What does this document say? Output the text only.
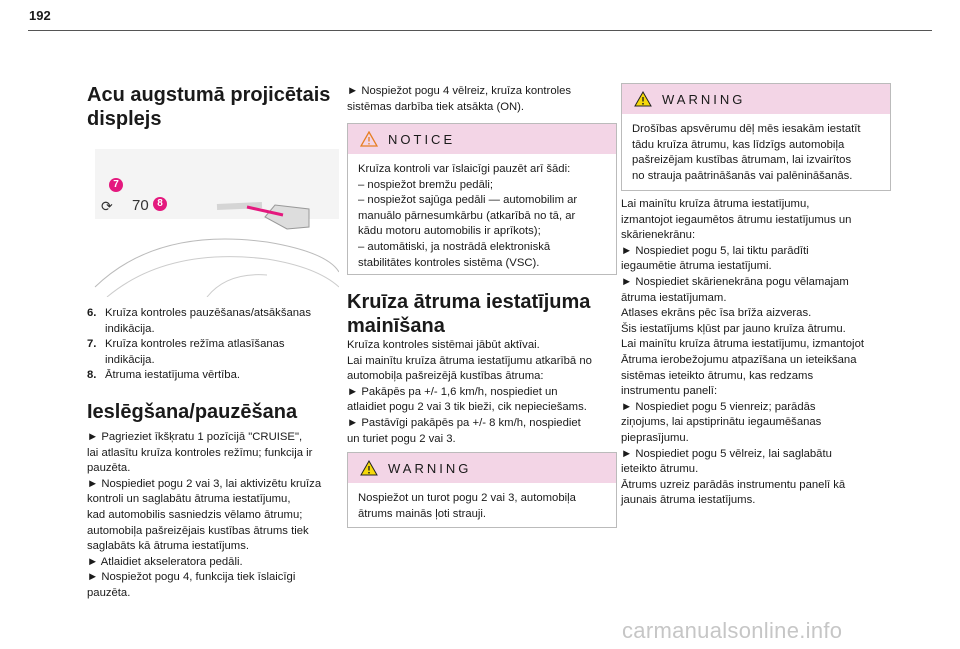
192
Acu augstumā projicētais
displejs
⟳ 70
7
8
6. Kruīza kontroles pauzēšanas/atsākšanas
indikācija.
7. Kruīza kontroles režīma atlasīšanas
indikācija.
8. Ātruma iestatījuma vērtība.
Ieslēgšana/pauzēšana

► Pagrieziet īkšķratu 1 pozīcijā "CRUISE",

lai atlasītu kruīza kontroles režīmu; funkcija ir

pauzēta.

► Nospiediet pogu 2 vai 3, lai aktivizētu kruīza

kontroli un saglabātu ātruma iestatījumu,

kad automobilis sasniedzis vēlamo ātrumu;

automobiļa pašreizējais kustības ātrums tiek

saglabāts kā ātruma iestatījums.

► Atlaidiet akseleratora pedāli.

► Nospiežot pogu 4, funkcija tiek īslaicīgi

pauzēta.

► Nospiežot pogu 4 vēlreiz, kruīza kontroles

sistēmas darbība tiek atsākta (ON).

NOTICE

Kruīza kontroli var īslaicīgi pauzēt arī šādi:

– nospiežot bremžu pedāli;

– nospiežot sajūga pedāli — automobilim ar

manuālo pārnesumkārbu (atkarībā no tā, ar

kādu motoru automobilis ir aprīkots);

– automātiski, ja nostrādā elektroniskā

stabilitātes kontroles sistēma (VSC).

Kruīza ātruma iestatījuma
mainīšana

Kruīza kontroles sistēmai jābūt aktīvai.

Lai mainītu kruīza ātruma iestatījumu atkarībā no

automobiļa pašreizējā kustības ātruma:

► Pakāpēs pa +/- 1,6 km/h, nospiediet un

atlaidiet pogu 2 vai 3 tik bieži, cik nepieciešams.

► Pastāvīgi pakāpēs pa +/- 8 km/h, nospiediet

un turiet pogu 2 vai 3.

WARNING

Nospiežot un turot pogu 2 vai 3, automobiļa

ātrums mainās ļoti strauji.

WARNING

Drošības apsvērumu dēļ mēs iesakām iestatīt

tādu kruīza ātrumu, kas līdzīgs automobiļa

pašreizējam kustības ātrumam, lai izvairītos

no strauja paātrināšanās vai palēnināšanās.

Lai mainītu kruīza ātruma iestatījumu,

izmantojot iegaumētos ātrumu iestatījumus un

skārienekrānu:

► Nospiediet pogu 5, lai tiktu parādīti

iegaumētie ātruma iestatījumi.

► Nospiediet skārienekrāna pogu vēlamajam

ātruma iestatījumam.

Atlases ekrāns pēc īsa brīža aizveras.

Šis iestatījums kļūst par jauno kruīza ātrumu.

Lai mainītu kruīza ātruma iestatījumu, izmantojot

Ātruma ierobežojumu atpazīšana un ieteikšana

sistēmas ieteikto ātrumu, kas redzams

instrumentu panelī:

► Nospiediet pogu 5 vienreiz; parādās

ziņojums, lai apstiprinātu iegaumēšanas

pieprasījumu.

► Nospiediet pogu 5 vēlreiz, lai saglabātu

ieteikto ātrumu.

Ātrums uzreiz parādās instrumentu panelī kā

jaunais ātruma iestatījums.

carmanualsonline.info
